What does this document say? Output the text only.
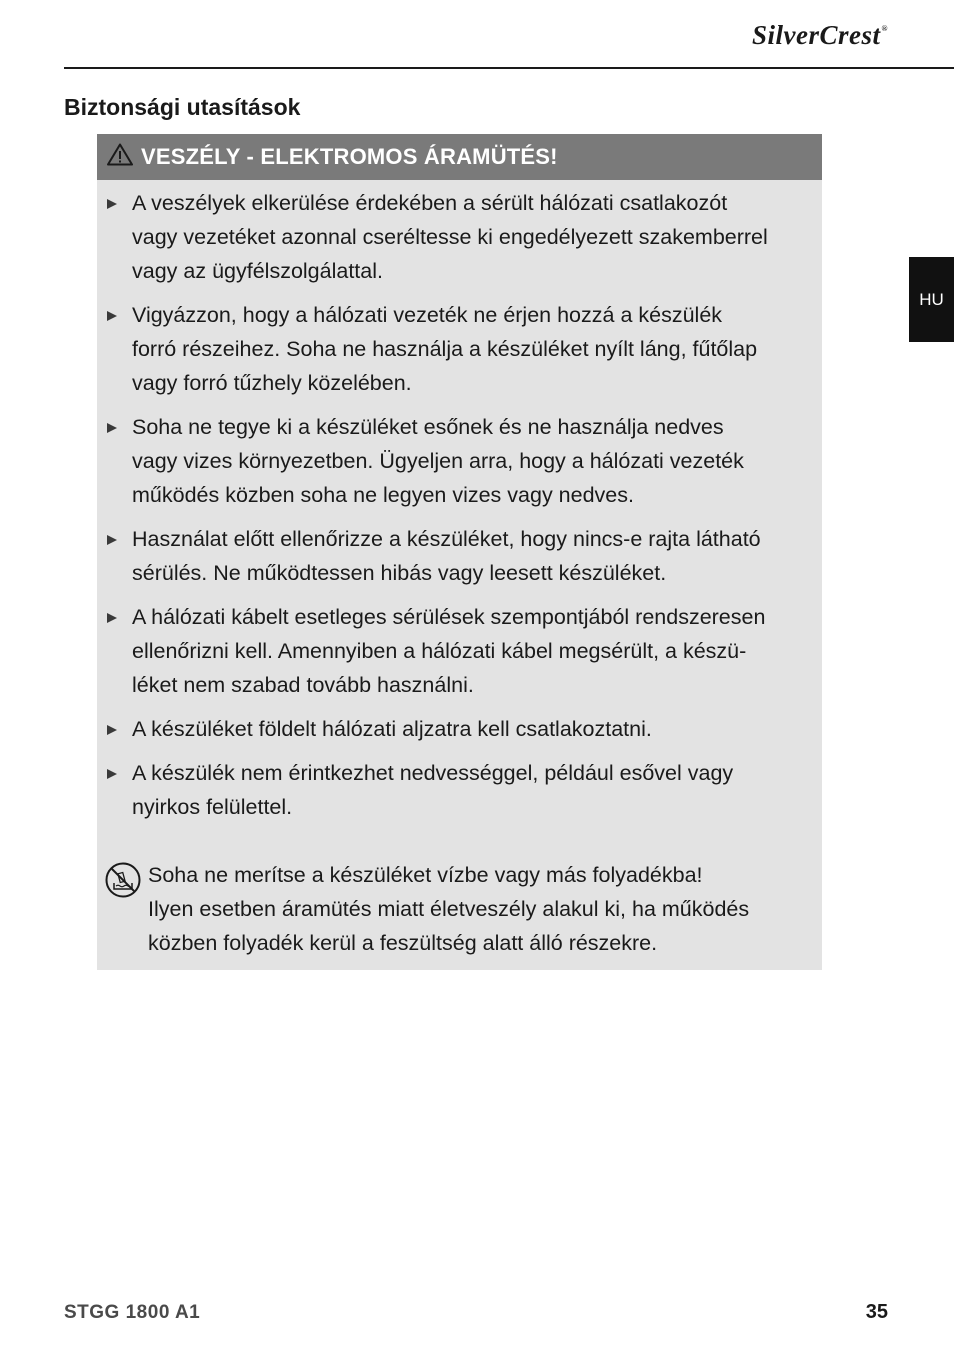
SilverCrest®
HU
Biztonsági utasítások
VESZÉLY - ELEKTROMOS ÁRAMÜTÉS!
A veszélyek elkerülése érdekében a sérült hálózati csatlakozót
vagy vezetéket azonnal cseréltesse ki engedélyezett szakemberrel
vagy az ügyfélszolgálattal.
Vigyázzon, hogy a hálózati vezeték ne érjen hozzá a készülék
forró részeihez. Soha ne használja a készüléket nyílt láng, fűtőlap
vagy forró tűzhely közelében.
Soha ne tegye ki a készüléket esőnek és ne használja nedves
vagy vizes környezetben. Ügyeljen arra, hogy a hálózati vezeték
működés közben soha ne legyen vizes vagy nedves.
Használat előtt ellenőrizze a készüléket, hogy nincs-e rajta látható
sérülés. Ne működtessen hibás vagy leesett készüléket.
A hálózati kábelt esetleges sérülések szempontjából rendszeresen
ellenőrizni kell. Amennyiben a hálózati kábel megsérült, a készü-
léket nem szabad tovább használni.
A készüléket földelt hálózati aljzatra kell csatlakoztatni.
A készülék nem érintkezhet nedvességgel, például esővel vagy
nyirkos felülettel.
Soha ne merítse a készüléket vízbe vagy más folyadékba!
Ilyen esetben áramütés miatt életveszély alakul ki, ha működés
közben folyadék kerül a feszültség alatt álló részekre.
STGG 1800 A1	35
